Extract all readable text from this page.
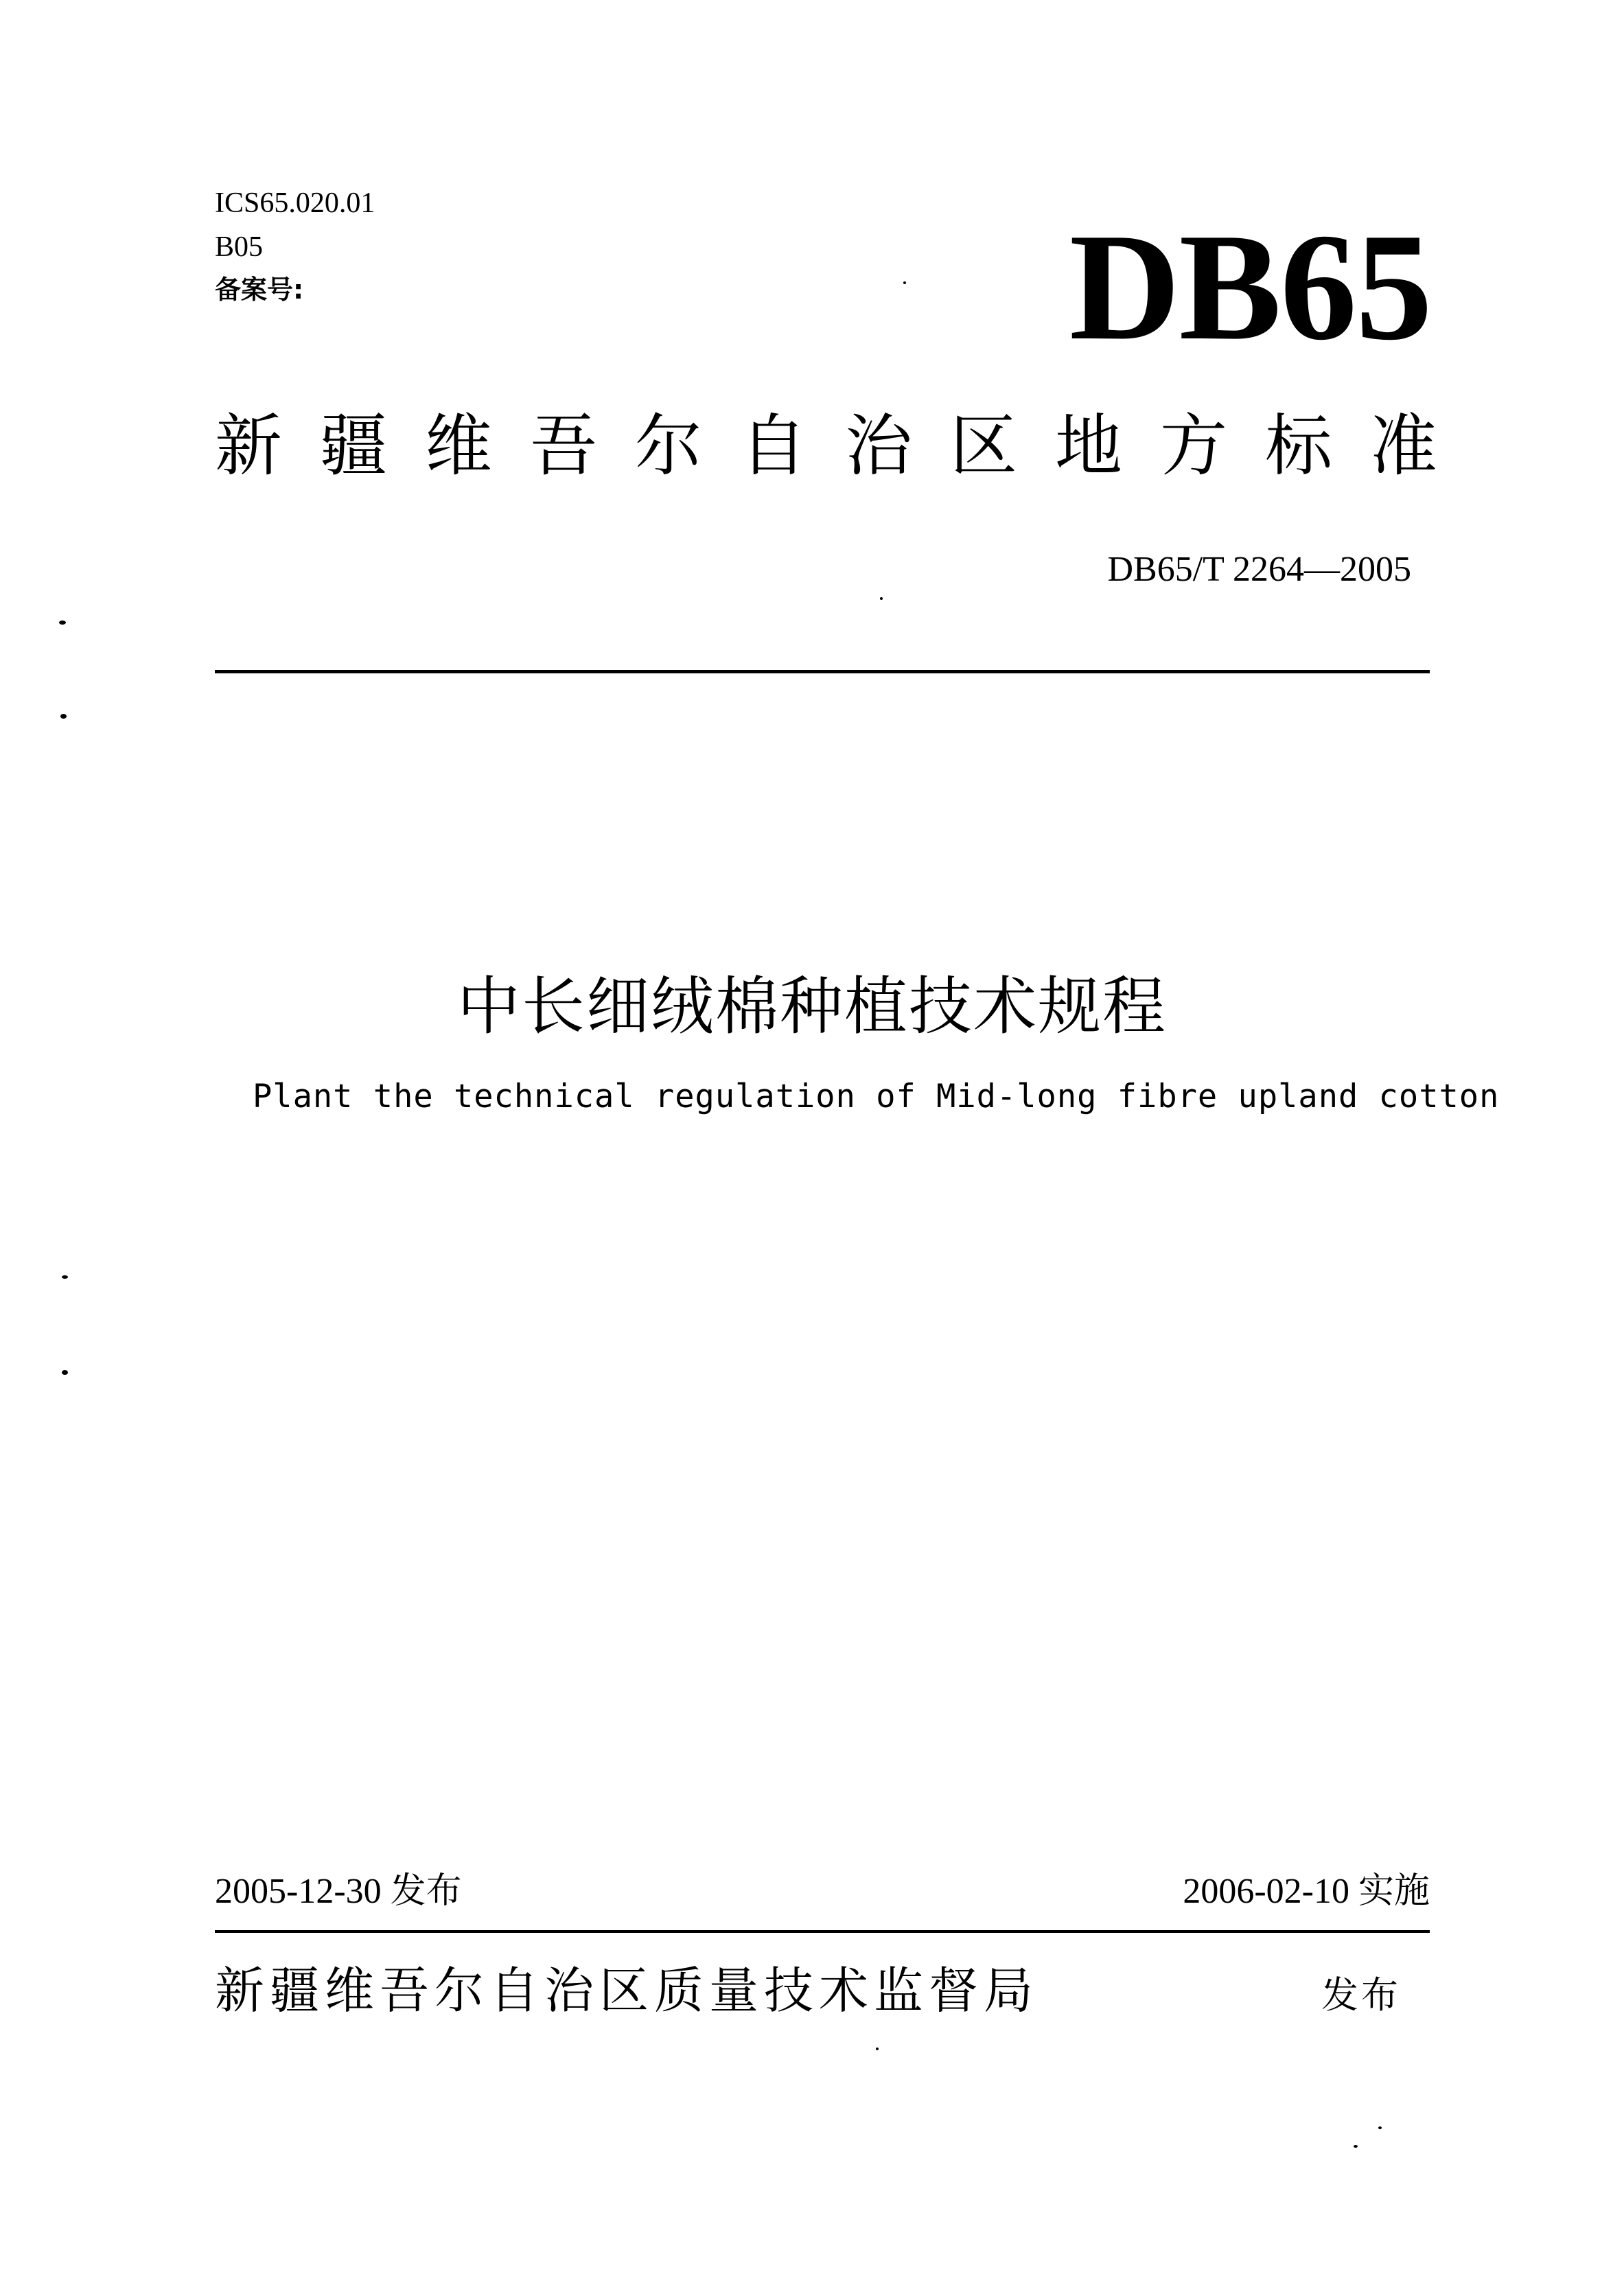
ICS65.020.01
B05
备案号:	DB65
新疆维吾尔自治区地方标准
DB65/T 2264—2005
中长细绒棉种植技术规程
Plant the technical regulation of Mid-long fibre upland cotton
2005-12-30 发布	2006-02-10 实施
新疆维吾尔自治区质量技术监督局	发布
